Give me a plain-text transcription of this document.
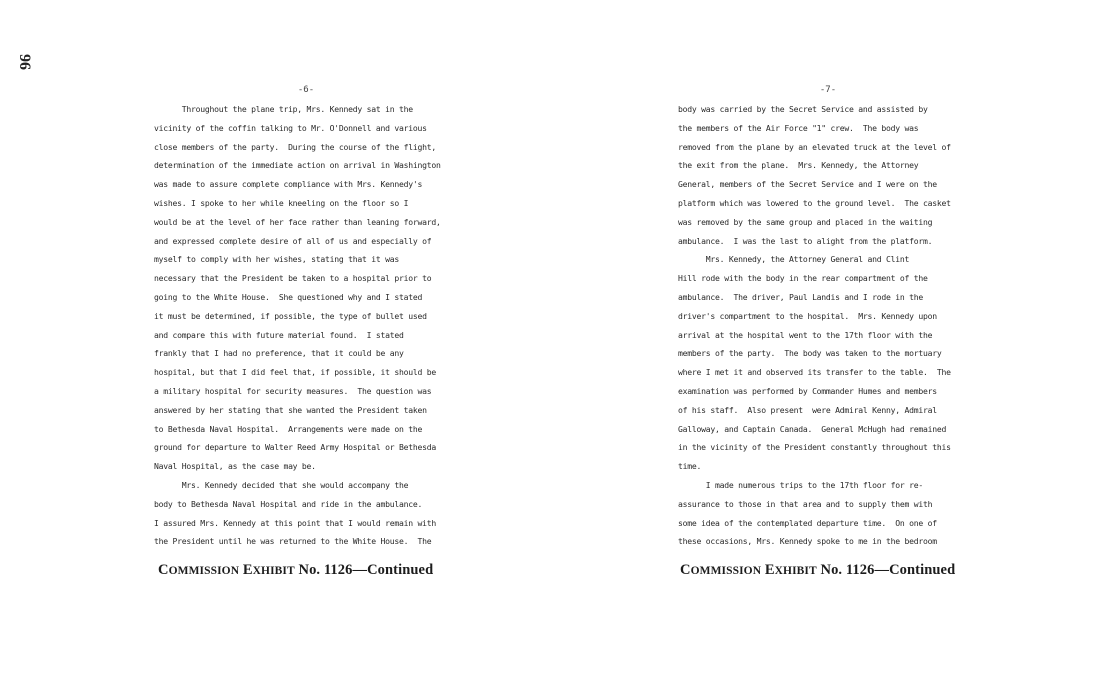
96
-6-
Throughout the plane trip, Mrs. Kennedy sat in the
vicinity of the coffin talking to Mr. O'Donnell and various
close members of the party.  During the course of the flight,
determination of the immediate action on arrival in Washington
was made to assure complete compliance with Mrs. Kennedy's
wishes. I spoke to her while kneeling on the floor so I
would be at the level of her face rather than leaning forward,
and expressed complete desire of all of us and especially of
myself to comply with her wishes, stating that it was
necessary that the President be taken to a hospital prior to
going to the White House.  She questioned why and I stated
it must be determined, if possible, the type of bullet used
and compare this with future material found.  I stated
frankly that I had no preference, that it could be any
hospital, but that I did feel that, if possible, it should be
a military hospital for security measures.  The question was
answered by her stating that she wanted the President taken
to Bethesda Naval Hospital.  Arrangements were made on the
ground for departure to Walter Reed Army Hospital or Bethesda
Naval Hospital, as the case may be.
Mrs. Kennedy decided that she would accompany the
body to Bethesda Naval Hospital and ride in the ambulance.
I assured Mrs. Kennedy at this point that I would remain with
the President until he was returned to the White House.  The
COMMISSION EXHIBIT No. 1126—Continued
-7-
body was carried by the Secret Service and assisted by
the members of the Air Force "1" crew.  The body was
removed from the plane by an elevated truck at the level of
the exit from the plane.  Mrs. Kennedy, the Attorney
General, members of the Secret Service and I were on the
platform which was lowered to the ground level.  The casket
was removed by the same group and placed in the waiting
ambulance.  I was the last to alight from the platform.
Mrs. Kennedy, the Attorney General and Clint
Hill rode with the body in the rear compartment of the
ambulance.  The driver, Paul Landis and I rode in the
driver's compartment to the hospital.  Mrs. Kennedy upon
arrival at the hospital went to the 17th floor with the
members of the party.  The body was taken to the mortuary
where I met it and observed its transfer to the table.  The
examination was performed by Commander Humes and members
of his staff.  Also present  were Admiral Kenny, Admiral
Galloway, and Captain Canada.  General McHugh had remained
in the vicinity of the President constantly throughout this
time.
I made numerous trips to the 17th floor for re-
assurance to those in that area and to supply them with
some idea of the contemplated departure time.  On one of
these occasions, Mrs. Kennedy spoke to me in the bedroom
COMMISSION EXHIBIT No. 1126—Continued
